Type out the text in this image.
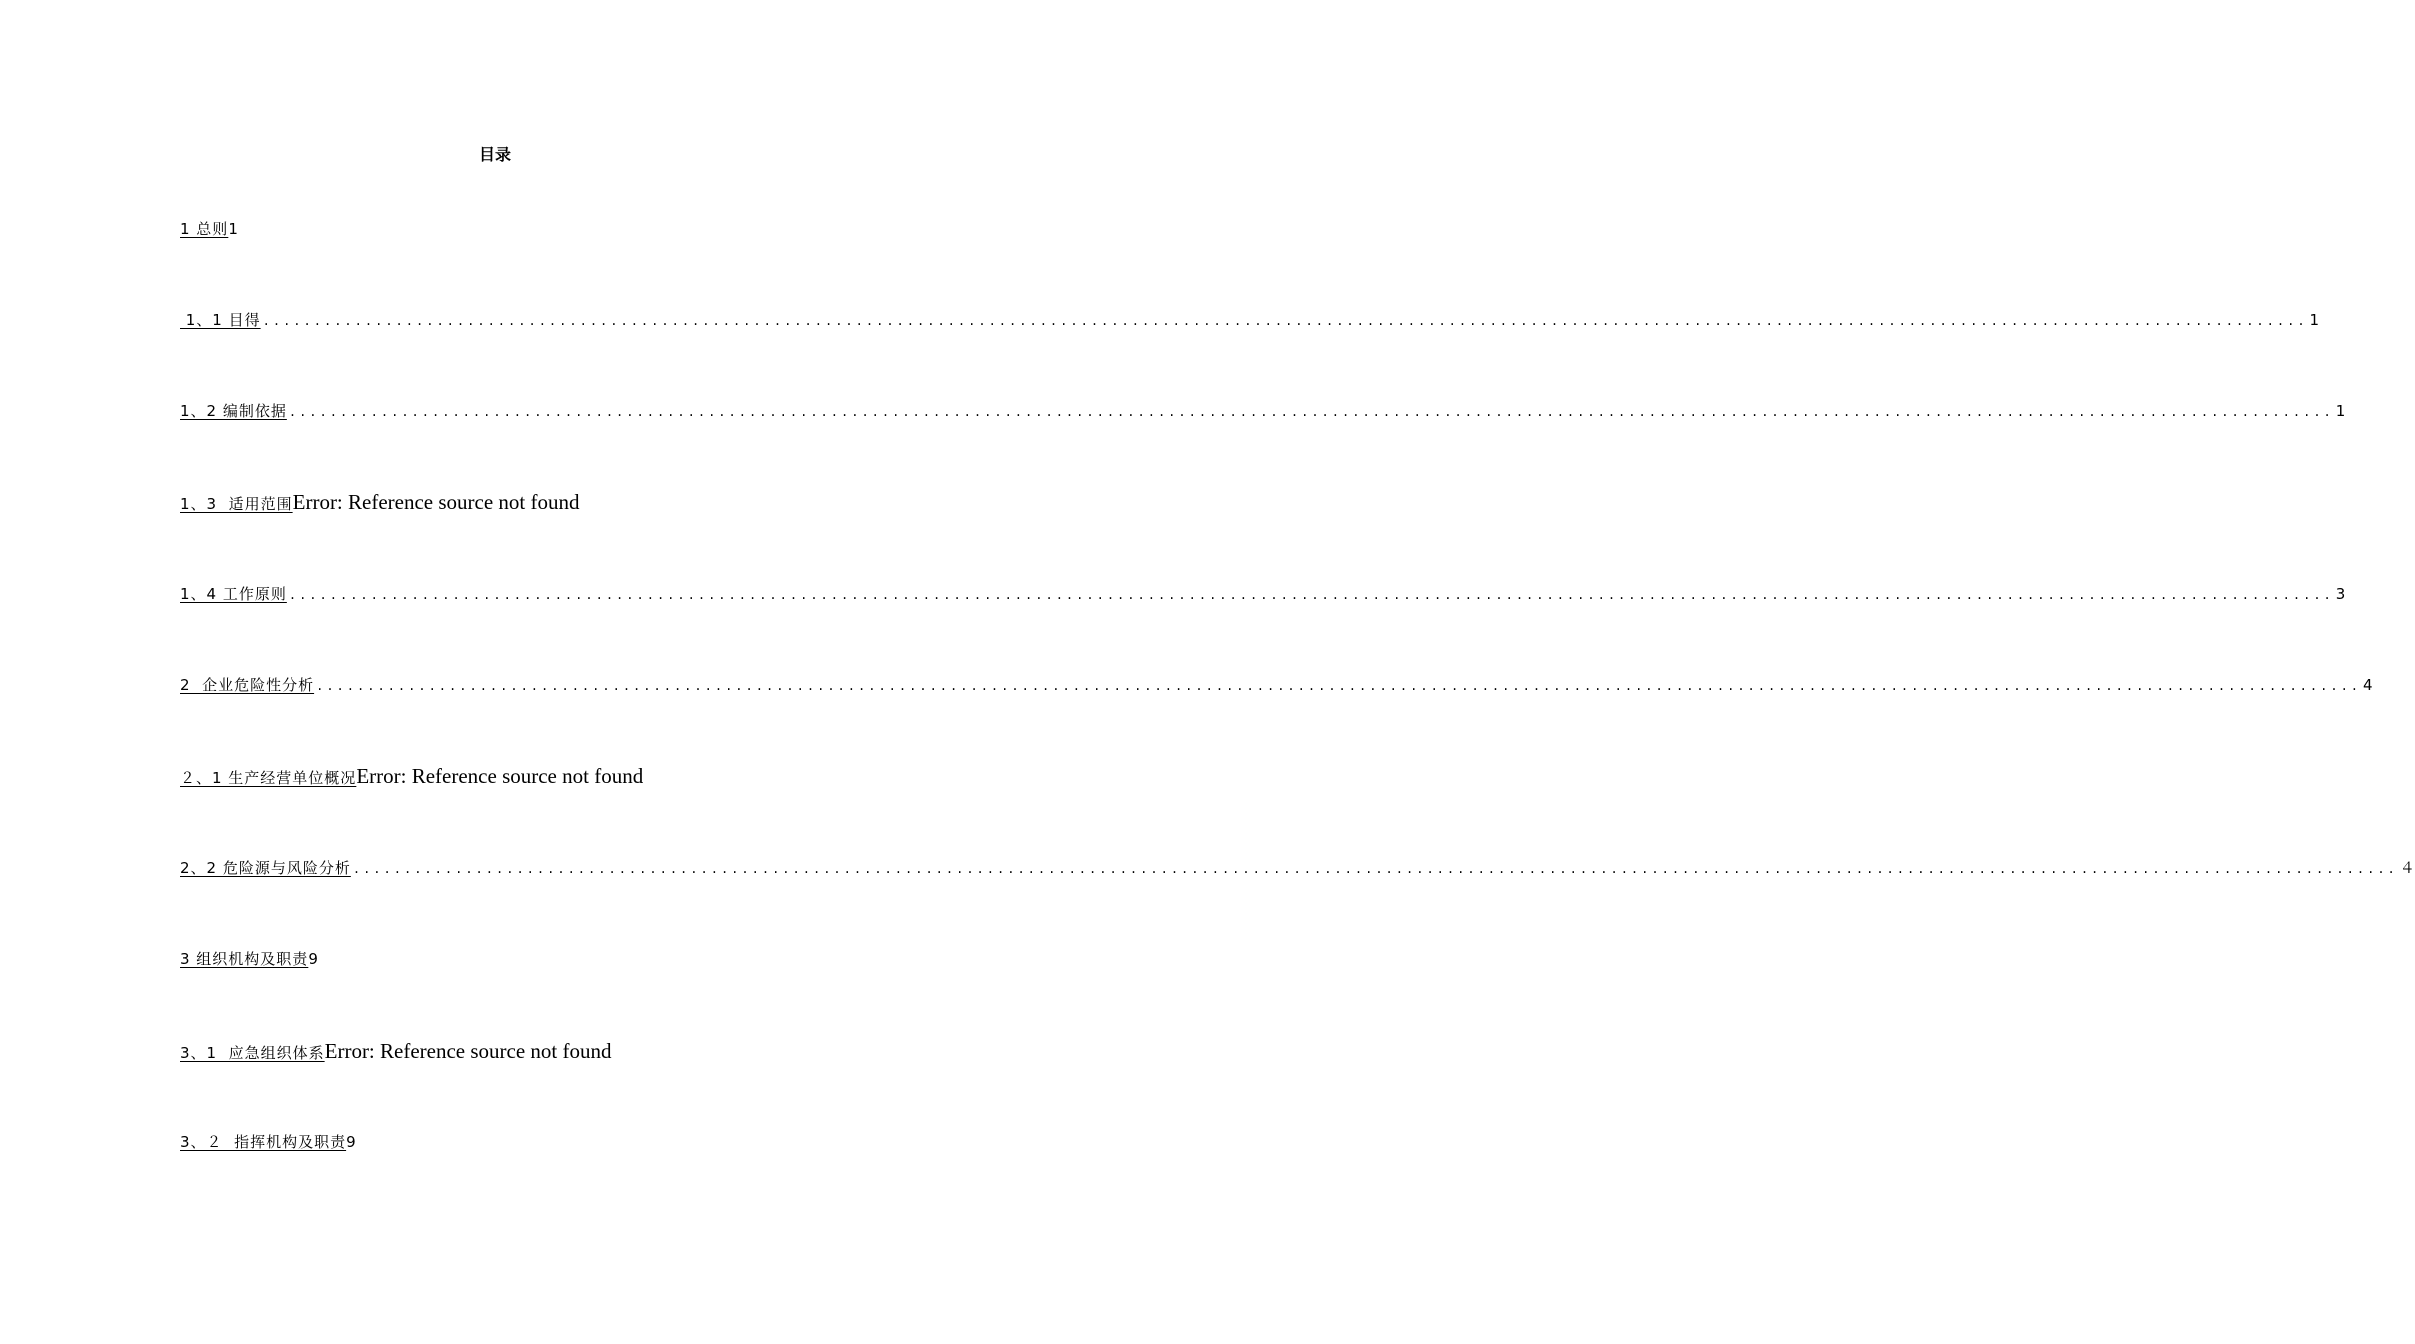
目录
1 总则 1
1、1 目得 ........................................................................................................................................................................................................ 1
1、2 编制依据 ........................................................................................................................................................................................................ 1
1、3  适用范围 Error: Reference source not found
1、4 工作原则 ........................................................................................................................................................................................................ 3
2  企业危险性分析 ........................................................................................................................................................................................................ 4
２、1 生产经营单位概况 Error: Reference source not found
2、2 危险源与风险分析 ........................................................................................................................................................................................................ ４
3 组织机构及职责 9
3、1  应急组织体系 Error: Reference source not found
3、２  指挥机构及职责 9
